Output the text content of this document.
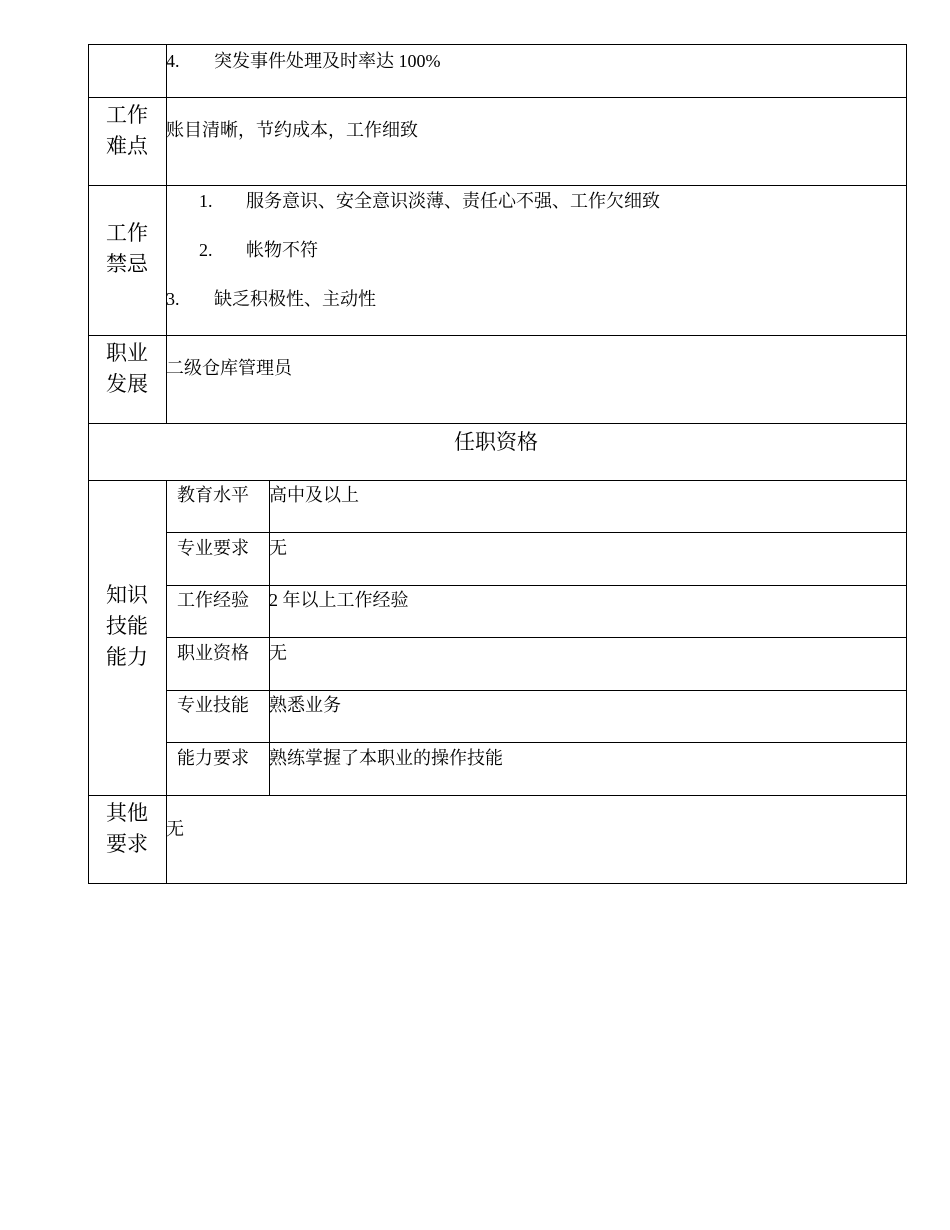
4. 突发事件处理及时率达 100%
工作
难点
账目清晰，节约成本，工作细致
工作
禁忌
1. 服务意识、安全意识淡薄、责任心不强、工作欠细致
2. 帐物不符
3. 缺乏积极性、主动性
职业
发展
二级仓库管理员
任职资格
知识
技能
能力
教育水平 高中及以上
专业要求 无
工作经验 2 年以上工作经验
职业资格 无
专业技能 熟悉业务
能力要求 熟练掌握了本职业的操作技能
其他
要求
无
